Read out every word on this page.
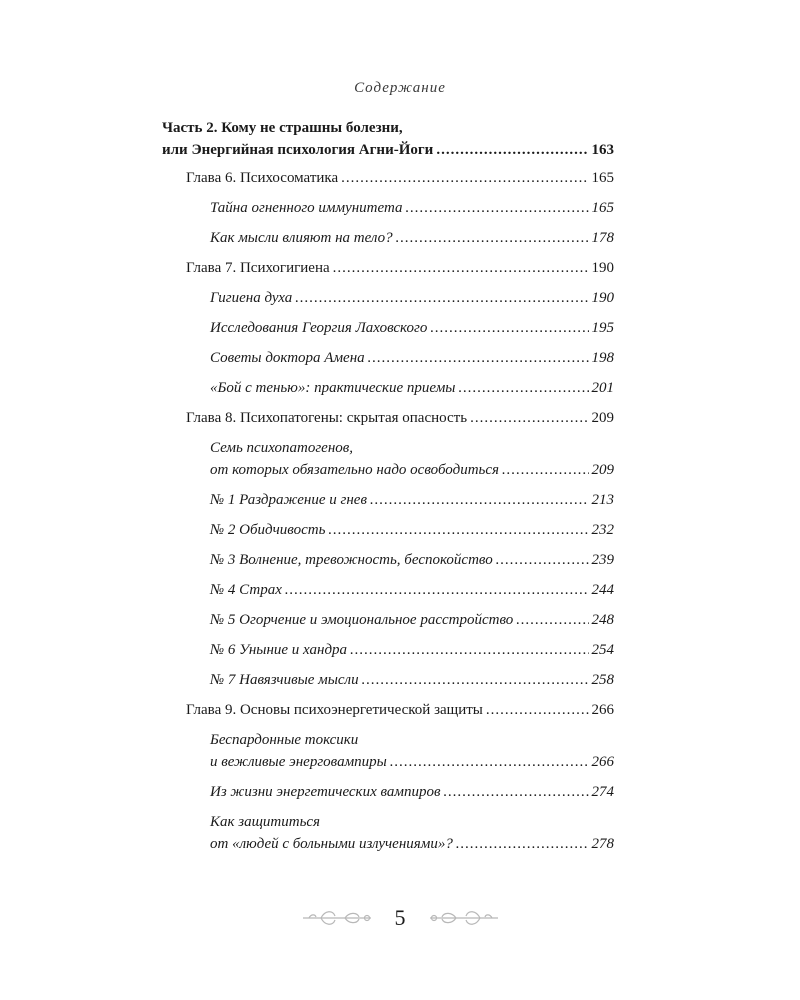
Содержание
Часть 2. Кому не страшны болезни,
или Энергийная психология Агни-Йоги .....	163
Глава 6. Психосоматика .....	165
Тайна огненного иммунитета .....	165
Как мысли влияют на тело? .....	178
Глава 7. Психогигиена .....	190
Гигиена духа .....	190
Исследования Георгия Лаховского .....	195
Советы доктора Амена .....	198
«Бой с тенью»: практические приемы .....	201
Глава 8. Психопатогены: скрытая опасность .....	209
Семь психопатогенов,
от которых обязательно надо освободиться .....	209
№ 1 Раздражение и гнев .....	213
№ 2 Обидчивость .....	232
№ 3 Волнение, тревожность, беспокойство .....	239
№ 4 Страх .....	244
№ 5 Огорчение и эмоциональное расстройство .....	248
№ 6 Уныние и хандра .....	254
№ 7 Навязчивые мысли .....	258
Глава 9. Основы психоэнергетической защиты .....	266
Беспардонные токсики
и вежливые энерговампиры .....	266
Из жизни энергетических вампиров .....	274
Как защититься
от «людей с больными излучениями»? .....	278
5
